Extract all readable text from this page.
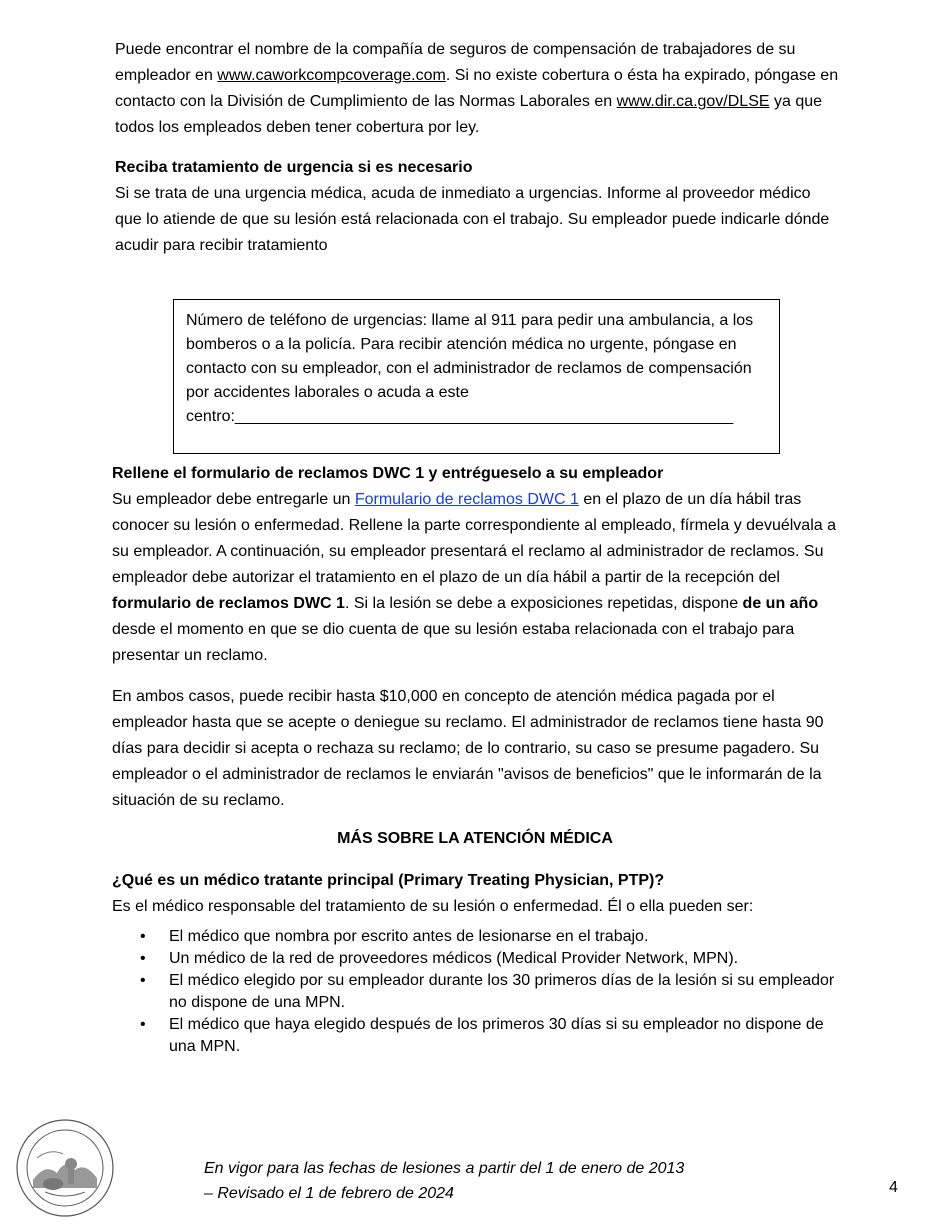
Puede encontrar el nombre de la compañía de seguros de compensación de trabajadores de su empleador en www.caworkcompcoverage.com. Si no existe cobertura o ésta ha expirado, póngase en contacto con la División de Cumplimiento de las Normas Laborales en www.dir.ca.gov/DLSE ya que todos los empleados deben tener cobertura por ley.
Reciba tratamiento de urgencia si es necesario
Si se trata de una urgencia médica, acuda de inmediato a urgencias. Informe al proveedor médico que lo atiende de que su lesión está relacionada con el trabajo. Su empleador puede indicarle dónde acudir para recibir tratamiento
Número de teléfono de urgencias: llame al 911 para pedir una ambulancia, a los bomberos o a la policía. Para recibir atención médica no urgente, póngase en contacto con su empleador, con el administrador de reclamos de compensación por accidentes laborales o acuda a este centro:________________________________________________________
Rellene el formulario de reclamos DWC 1 y entrégueselo a su empleador
Su empleador debe entregarle un Formulario de reclamos DWC 1 en el plazo de un día hábil tras conocer su lesión o enfermedad. Rellene la parte correspondiente al empleado, fírmela y devuélvala a su empleador. A continuación, su empleador presentará el reclamo al administrador de reclamos. Su empleador debe autorizar el tratamiento en el plazo de un día hábil a partir de la recepción del formulario de reclamos DWC 1. Si la lesión se debe a exposiciones repetidas, dispone de un año desde el momento en que se dio cuenta de que su lesión estaba relacionada con el trabajo para presentar un reclamo.
En ambos casos, puede recibir hasta $10,000 en concepto de atención médica pagada por el empleador hasta que se acepte o deniegue su reclamo. El administrador de reclamos tiene hasta 90 días para decidir si acepta o rechaza su reclamo; de lo contrario, su caso se presume pagadero. Su empleador o el administrador de reclamos le enviarán "avisos de beneficios" que le informarán de la situación de su reclamo.
MÁS SOBRE LA ATENCIÓN MÉDICA
¿Qué es un médico tratante principal (Primary Treating Physician, PTP)?
Es el médico responsable del tratamiento de su lesión o enfermedad. Él o ella pueden ser:
• El médico que nombra por escrito antes de lesionarse en el trabajo.
• Un médico de la red de proveedores médicos (Medical Provider Network, MPN).
• El médico elegido por su empleador durante los 30 primeros días de la lesión si su empleador no dispone de una MPN.
• El médico que haya elegido después de los primeros 30 días si su empleador no dispone de una MPN.
En vigor para las fechas de lesiones a partir del 1 de enero de 2013
– Revisado el 1 de febrero de 2024	4
